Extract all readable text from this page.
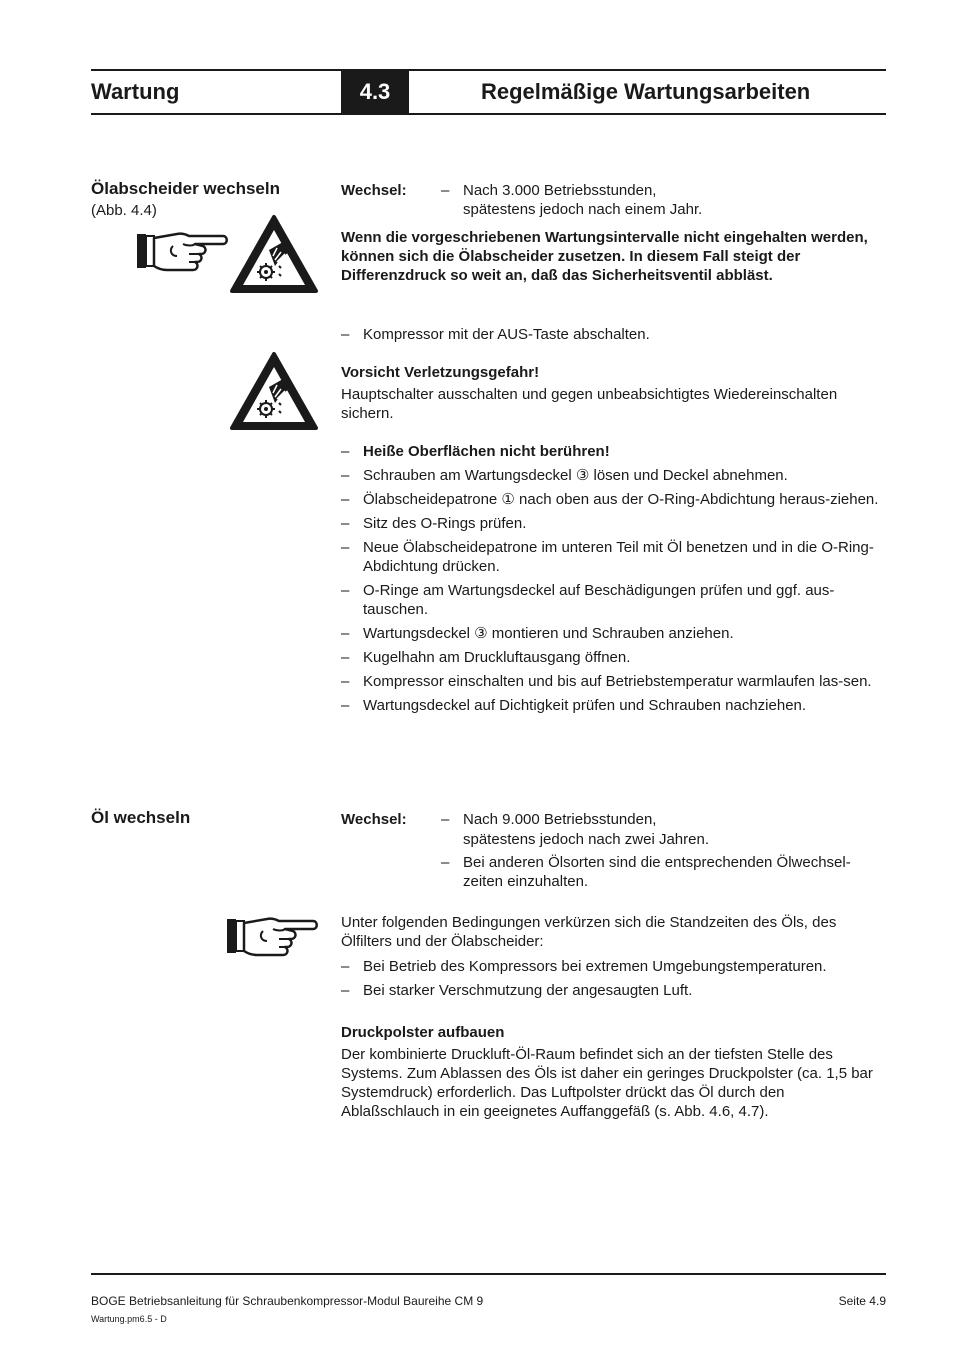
Wartung	4.3	Regelmäßige Wartungsarbeiten
Ölabscheider wechseln
(Abb. 4.4)
Wechsel: – Nach 3.000 Betriebsstunden,
spätestens jedoch nach einem Jahr.
Wenn die vorgeschriebenen Wartungsintervalle nicht eingehalten werden, können sich die Ölabscheider zusetzen. In diesem Fall steigt der Differenzdruck so weit an, daß das Sicherheitsventil abbläst.
– Kompressor mit der AUS-Taste abschalten.
Vorsicht Verletzungsgefahr!
Hauptschalter ausschalten und gegen unbeabsichtigtes Wiedereinschalten sichern.
– Heiße Oberflächen nicht berühren!
– Schrauben am Wartungsdeckel ③ lösen und Deckel abnehmen.
– Ölabscheidepatrone ① nach oben aus der O-Ring-Abdichtung heraus-ziehen.
– Sitz des O-Rings prüfen.
– Neue Ölabscheidepatrone im unteren Teil mit Öl benetzen und in die O-Ring-Abdichtung drücken.
– O-Ringe am Wartungsdeckel auf Beschädigungen prüfen und ggf. aus-tauschen.
– Wartungsdeckel ③ montieren und Schrauben anziehen.
– Kugelhahn am Druckluftausgang öffnen.
– Kompressor einschalten und bis auf Betriebstemperatur warmlaufen las-sen.
– Wartungsdeckel auf Dichtigkeit prüfen und Schrauben nachziehen.
Öl wechseln	Wechsel: – Nach 9.000 Betriebsstunden,
spätestens jedoch nach zwei Jahren.
– Bei anderen Ölsorten sind die entsprechenden Ölwechsel-zeiten einzuhalten.
Unter folgenden Bedingungen verkürzen sich die Standzeiten des Öls, des Ölfilters und der Ölabscheider:
– Bei Betrieb des Kompressors bei extremen Umgebungstemperaturen.
– Bei starker Verschmutzung der angesaugten Luft.
Druckpolster aufbauen
Der kombinierte Druckluft-Öl-Raum befindet sich an der tiefsten Stelle des Systems. Zum Ablassen des Öls ist daher ein geringes Druckpolster (ca. 1,5 bar Systemdruck) erforderlich. Das Luftpolster drückt das Öl durch den Ablaßschlauch in ein geeignetes Auffanggefäß (s. Abb. 4.6, 4.7).
BOGE Betriebsanleitung für Schraubenkompressor-Modul Baureihe CM 9
Wartung.pm6.5 - D
Seite 4.9
